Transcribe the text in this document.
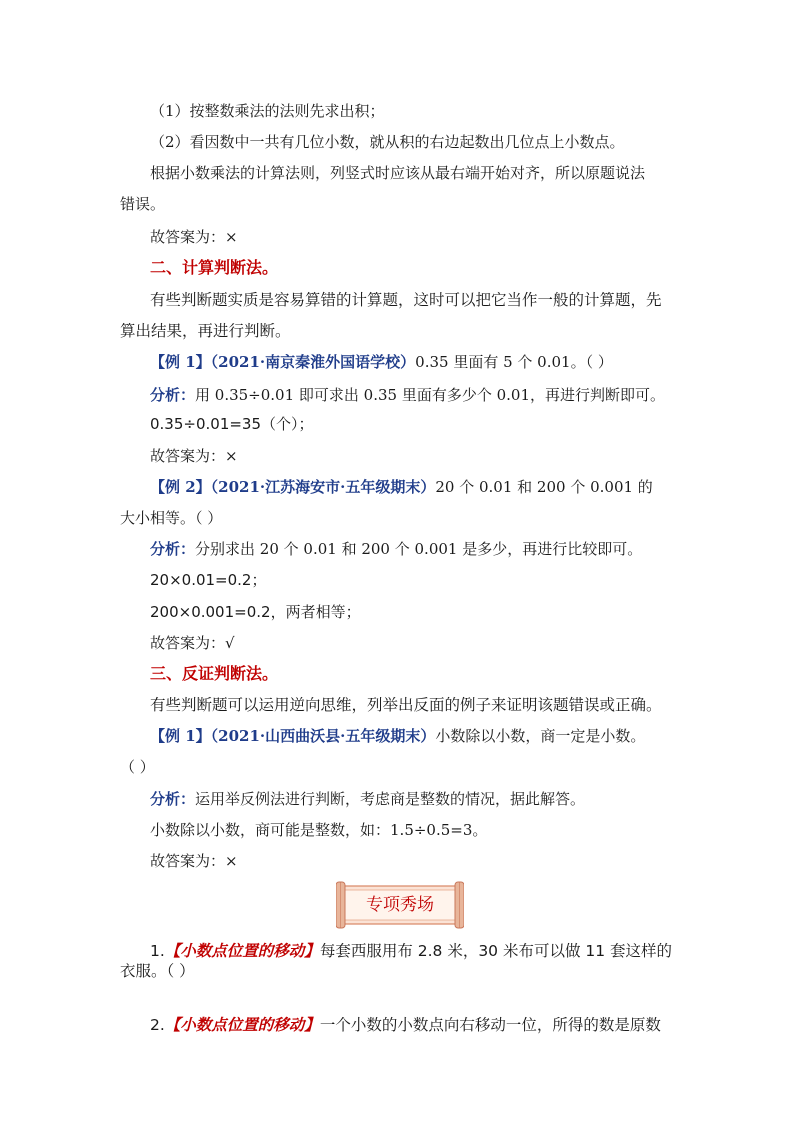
（1）按整数乘法的法则先求出积；
（2）看因数中一共有几位小数，就从积的右边起数出几位点上小数点。
根据小数乘法的计算法则，列竖式时应该从最右端开始对齐，所以原题说法
错误。
故答案为：×
二、计算判断法。
有些判断题实质是容易算错的计算题，这时可以把它当作一般的计算题，先
算出结果，再进行判断。
【例 1】（2021·南京秦淮外国语学校）0.35 里面有 5 个 0.01。（ ）
分析：用 0.35÷0.01 即可求出 0.35 里面有多少个 0.01，再进行判断即可。
0.35÷0.01=35（个）；
故答案为：×
【例 2】（2021·江苏海安市·五年级期末）20 个 0.01 和 200 个 0.001 的
大小相等。（ ）
分析：分别求出 20 个 0.01 和 200 个 0.001 是多少，再进行比较即可。
20×0.01=0.2；
200×0.001=0.2，两者相等；
故答案为：√
三、反证判断法。
有些判断题可以运用逆向思维，列举出反面的例子来证明该题错误或正确。
【例 1】（2021·山西曲沃县·五年级期末）小数除以小数，商一定是小数。
（ ）
分析：运用举反例法进行判断，考虑商是整数的情况，据此解答。
小数除以小数，商可能是整数，如：1.5÷0.5=3。
故答案为：×
专项秀场
1.【小数点位置的移动】每套西服用布 2.8 米，30 米布可以做 11 套这样的
衣服。（ ）
2.【小数点位置的移动】一个小数的小数点向右移动一位，所得的数是原数
